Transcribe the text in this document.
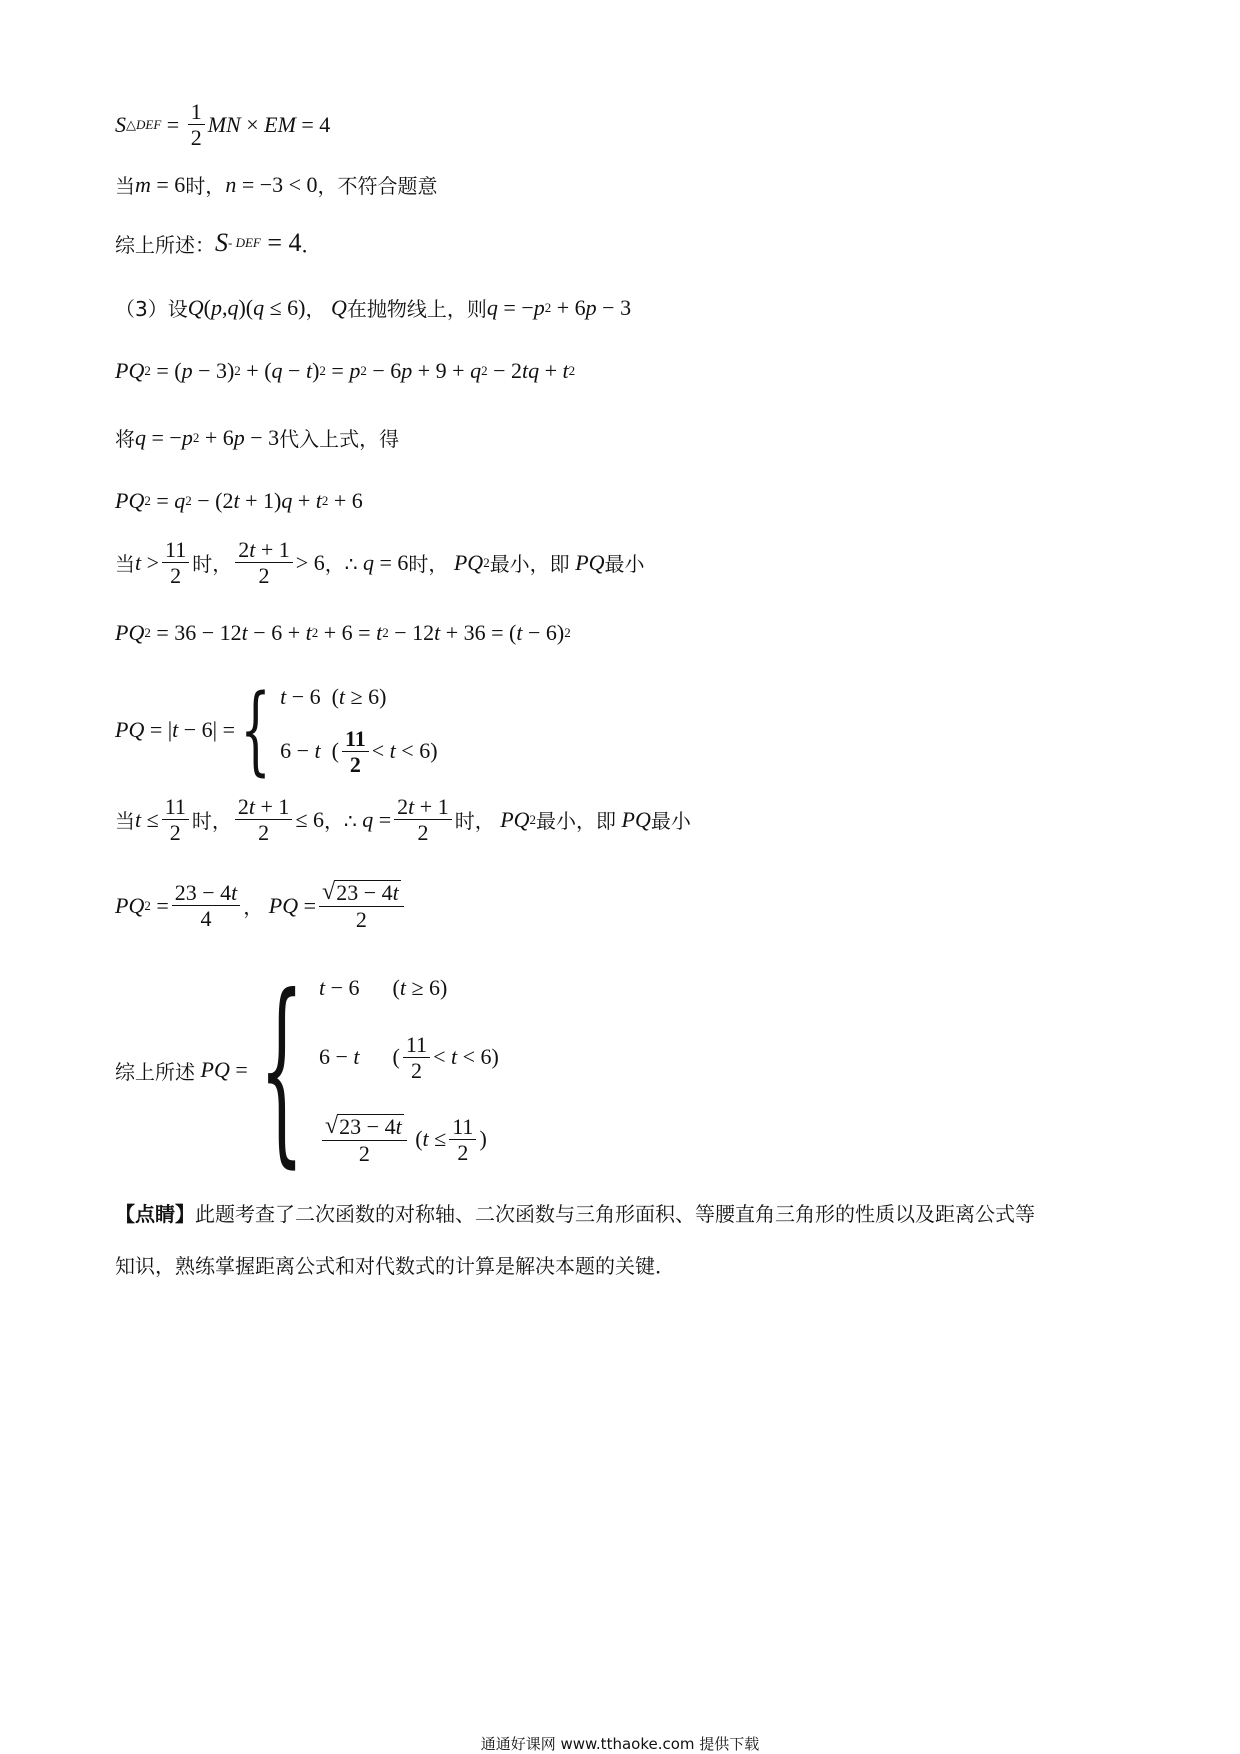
S △DEF = $\frac{1}{2}$ MN × EM = 4
当 m = 6 时， n = −3 < 0 ，不符合题意
综上所述： S - DEF = 4 ．
（3）设 Q ( p , q )( q ≤ 6) ， Q 在抛物线上，则 q = − p 2 + 6 p − 3
PQ 2 = ( p − 3) 2 + ( q − t ) 2 = p 2 − 6 p + 9 + q 2 − 2 tq + t 2
将 q = − p 2 + 6 p − 3 代入上式，得
PQ 2 = q 2 − (2 t + 1) q + t 2 + 6
当 $t > \frac{11}{2}$ 时， $\frac{2t + 1}{2} > 6$ ，∴ q = 6 时， PQ 2 最小，即 PQ 最小
PQ 2 = 36 − 12 t − 6 + t 2 + 6 = t 2 − 12 t + 36 = ( t − 6) 2
PQ = | t − 6| = { t − 6  ( t ≥ 6)
6 − t ( $\frac{11}{2} < t < 6$)
当 $t \le \frac{11}{2}$ 时， $\frac{2t + 1}{2} \le 6$ ，∴ $q = \frac{2t + 1}{2}$ 时， PQ 2 最小，即 PQ 最小
PQ $2 = \frac{23 - 4t}{4}$ ， PQ = $\frac{√ 23 - 4t}{2}$
综上所述 PQ = { t − 6      ( t ≥ 6)
6 − t ( $\frac{11}{2} < t < 6$)
$\frac{√ 23 - 4t}{2}$ ( $t \le \frac{11}{2}$ )
【点睛】 此题考查了二次函数的对称轴、二次函数与三角形面积、等腰直角三角形的性质以及距离公式等
知识，熟练掌握距离公式和对代数式的计算是解决本题的关键．
通通好课网 www.tthaoke.com 提供下载
